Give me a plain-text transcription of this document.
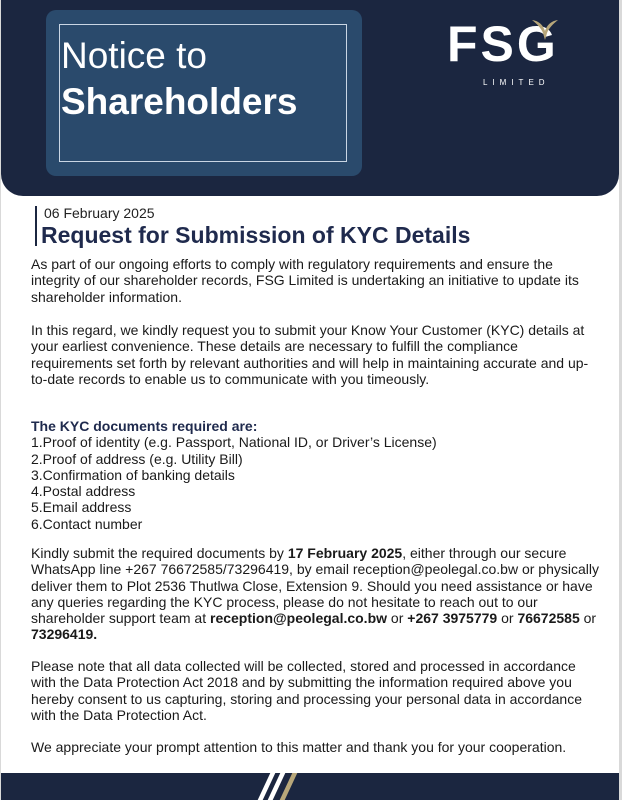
Notice to
Shareholders
FSG
LIMITED
06 February 2025
Request for Submission of KYC Details
As part of our ongoing efforts to comply with regulatory requirements and ensure the integrity of our shareholder records, FSG Limited is undertaking an initiative to update its shareholder information.
In this regard, we kindly request you to submit your Know Your Customer (KYC) details at your earliest convenience. These details are necessary to fulfill the compliance requirements set forth by relevant authorities and will help in maintaining accurate and up-to-date records to enable us to communicate with you timeously.
The KYC documents required are:
1.Proof of identity (e.g. Passport, National ID, or Driver’s License)
2.Proof of address (e.g. Utility Bill)
3.Confirmation of banking details
4.Postal address
5.Email address
6.Contact number
Kindly submit the required documents by 17 February 2025, either through our secure WhatsApp line +267 76672585/73296419, by email reception@peolegal.co.bw or physically deliver them to Plot 2536 Thutlwa Close, Extension 9. Should you need assistance or have any queries regarding the KYC process, please do not hesitate to reach out to our shareholder support team at reception@peolegal.co.bw or +267 3975779 or 76672585 or 73296419.
Please note that all data collected will be collected, stored and processed in accordance with the Data Protection Act 2018 and by submitting the information required above you hereby consent to us capturing, storing and processing your personal data in accordance with the Data Protection Act.
We appreciate your prompt attention to this matter and thank you for your cooperation.
